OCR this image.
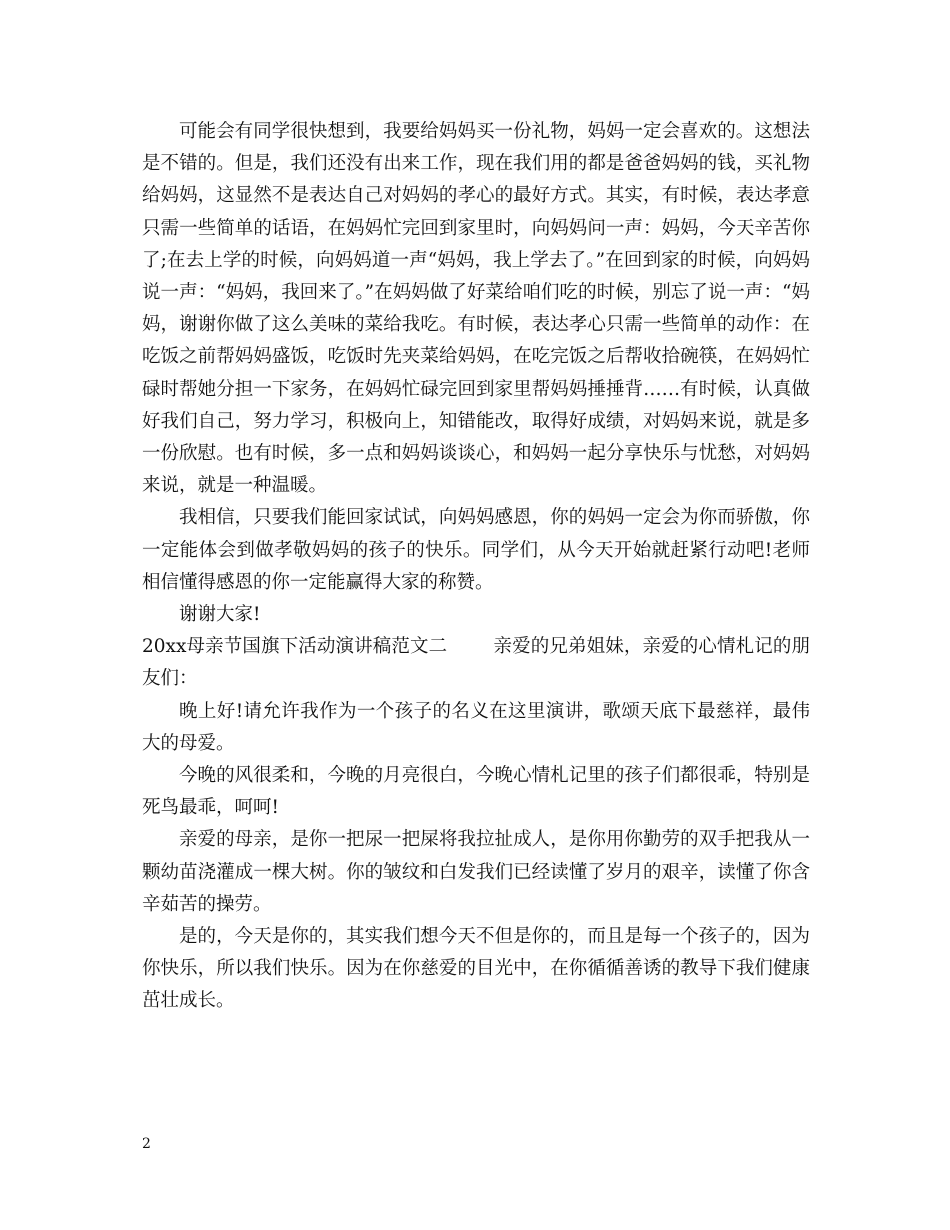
可能会有同学很快想到，我要给妈妈买一份礼物，妈妈一定会喜欢的。这想法是不错的。但是，我们还没有出来工作，现在我们用的都是爸爸妈妈的钱，买礼物给妈妈，这显然不是表达自己对妈妈的孝心的最好方式。其实，有时候，表达孝意只需一些简单的话语，在妈妈忙完回到家里时，向妈妈问一声：妈妈，今天辛苦你了;在去上学的时候，向妈妈道一声“妈妈，我上学去了。”在回到家的时候，向妈妈说一声：“妈妈，我回来了。”在妈妈做了好菜给咱们吃的时候，别忘了说一声：“妈妈，谢谢你做了这么美味的菜给我吃。有时候，表达孝心只需一些简单的动作：在吃饭之前帮妈妈盛饭，吃饭时先夹菜给妈妈，在吃完饭之后帮收拾碗筷，在妈妈忙碌时帮她分担一下家务，在妈妈忙碌完回到家里帮妈妈捶捶背……有时候，认真做好我们自己，努力学习，积极向上，知错能改，取得好成绩，对妈妈来说，就是多一份欣慰。也有时候，多一点和妈妈谈谈心，和妈妈一起分享快乐与忧愁，对妈妈来说，就是一种温暖。

我相信，只要我们能回家试试，向妈妈感恩，你的妈妈一定会为你而骄傲，你一定能体会到做孝敬妈妈的孩子的快乐。同学们，从今天开始就赶紧行动吧!老师相信懂得感恩的你一定能赢得大家的称赞。

谢谢大家!

20xx母亲节国旗下活动演讲稿范文二 亲爱的兄弟姐妹，亲爱的心情札记的朋友们：

晚上好!请允许我作为一个孩子的名义在这里演讲，歌颂天底下最慈祥，最伟大的母爱。

今晚的风很柔和，今晚的月亮很白，今晚心情札记里的孩子们都很乖，特别是死鸟最乖，呵呵!

亲爱的母亲，是你一把尿一把屎将我拉扯成人，是你用你勤劳的双手把我从一颗幼苗浇灌成一棵大树。你的皱纹和白发我们已经读懂了岁月的艰辛，读懂了你含辛茹苦的操劳。

是的，今天是你的，其实我们想今天不但是你的，而且是每一个孩子的，因为你快乐，所以我们快乐。因为在你慈爱的目光中，在你循循善诱的教导下我们健康茁壮成长。

2
